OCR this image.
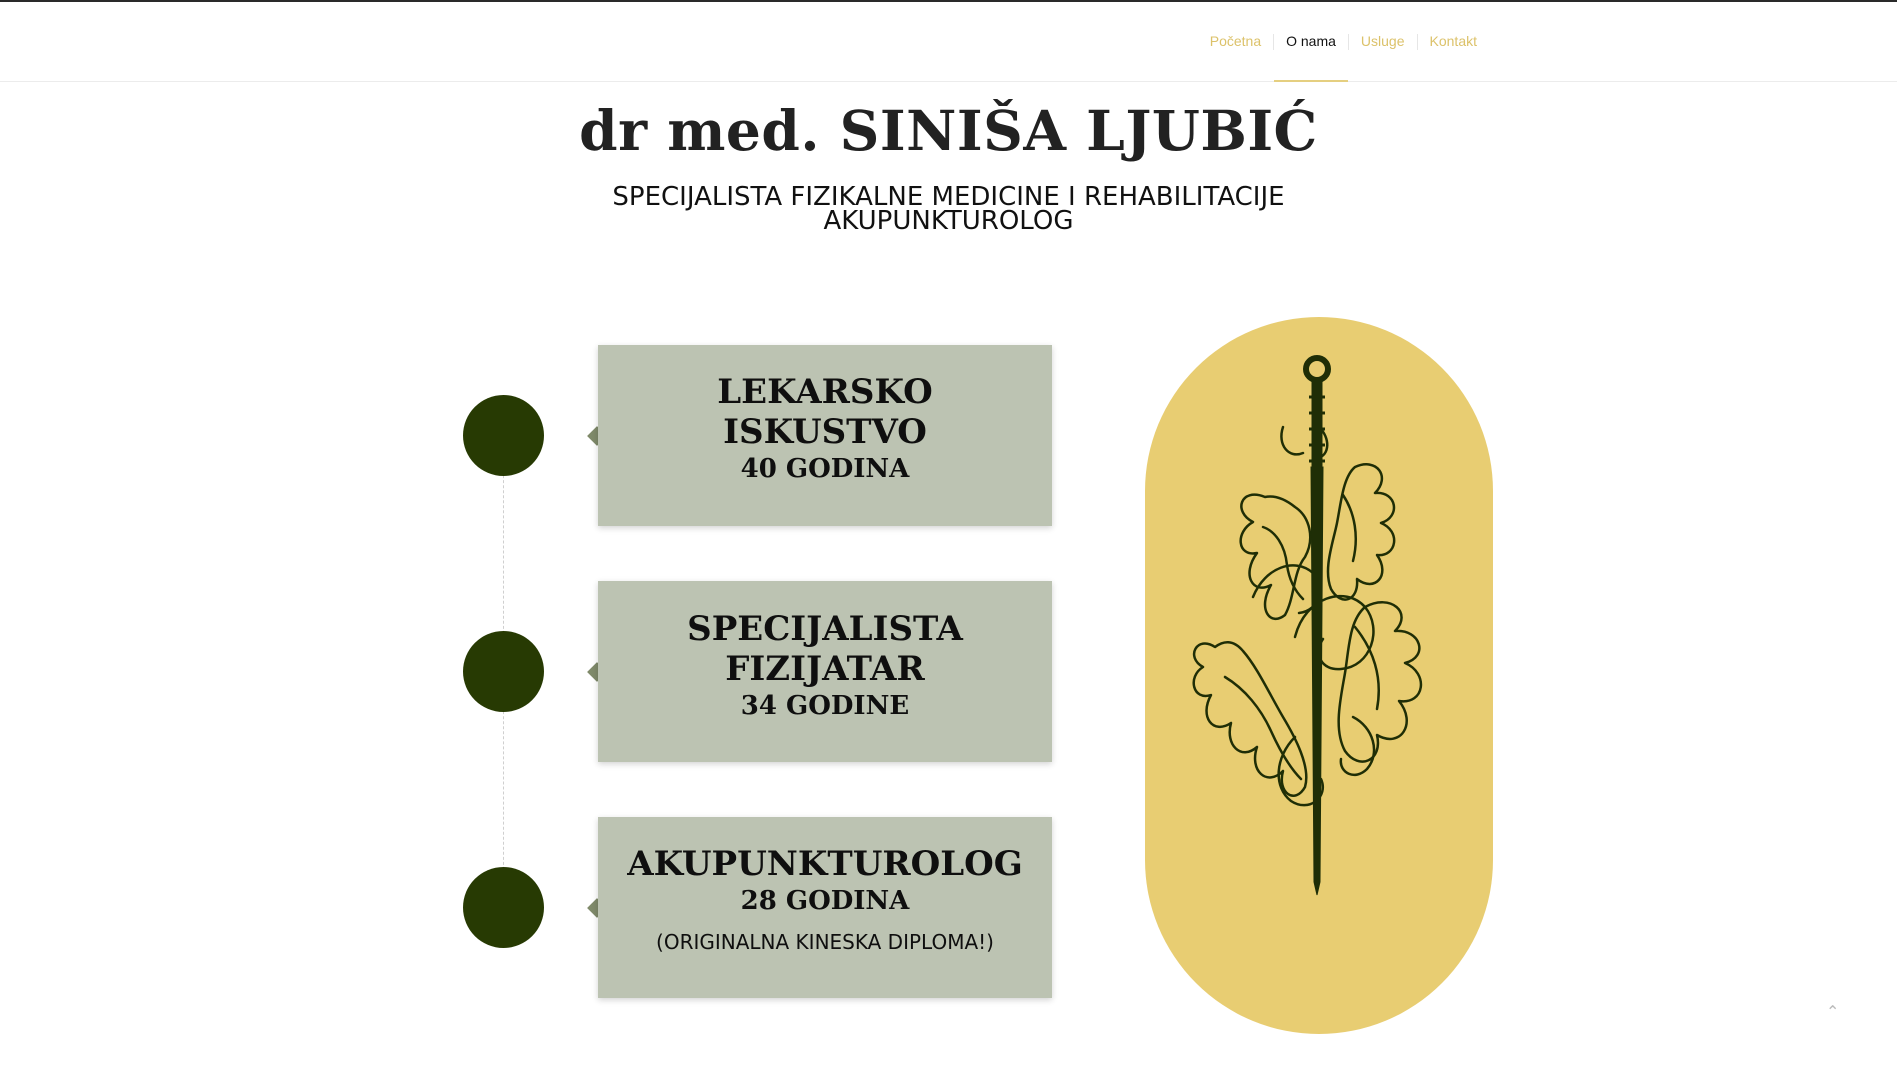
Početna	O nama	Usluge	Kontakt
dr med. SINIŠA LJUBIĆ
SPECIJALISTA FIZIKALNE MEDICINE I REHABILITACIJE
AKUPUNKTUROLOG
LEKARSKO
ISKUSTVO
40 GODINA
SPECIJALISTA
FIZIJATAR
34 GODINE
AKUPUNKTUROLOG
28 GODINA
(ORIGINALNA KINESKA DIPLOMA!)
⌃
